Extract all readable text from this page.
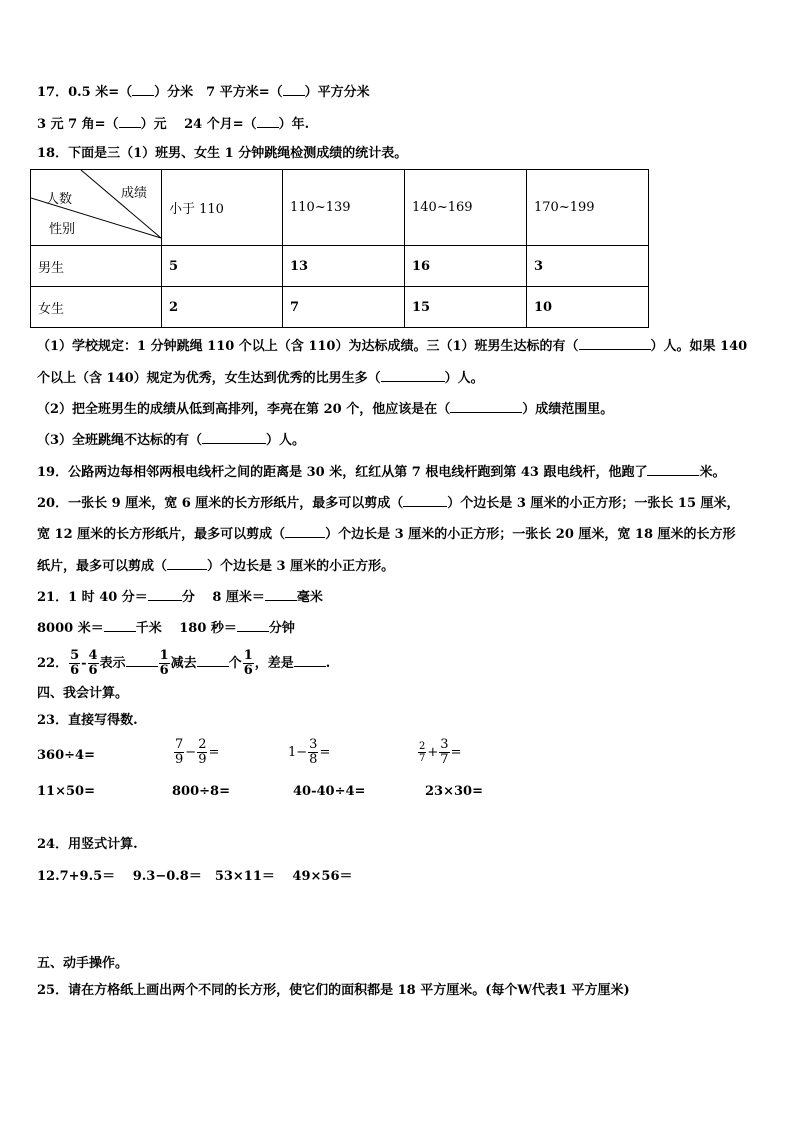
17．0.5 米=（ ）分米　7 平方米=（ ）平方分米
3 元 7 角=（ ）元　 24 个月=（ ）年.
18．下面是三（1）班男、女生 1 分钟跳绳检测成绩的统计表。
成绩
人数
性别	小于 110	110~139	140~169	170~199
男生	5	13	16	3
女生	2	7	15	10
（1）学校规定：1 分钟跳绳 110 个以上（含 110）为达标成绩。三（1）班男生达标的有（	）人。如果 140
个以上（含 140）规定为优秀，女生达到优秀的比男生多（	）人。
（2）把全班男生的成绩从低到高排列，李亮在第 20 个，他应该是在（	）成绩范围里。
（3）全班跳绳不达标的有（	）人。
19．公路两边每相邻两根电线杆之间的距离是 30 米，红红从第 7 根电线杆跑到第 43 跟电线杆，他跑了	米。
20．一张长 9 厘米，宽 6 厘米的长方形纸片，最多可以剪成（	）个边长是 3 厘米的小正方形；一张长 15 厘米，
宽 12 厘米的长方形纸片，最多可以剪成（	）个边长是 3 厘米的小正方形；一张长 20 厘米，宽 18 厘米的长方形
纸片，最多可以剪成（	）个边长是 3 厘米的小正方形。
21．1 时 40 分＝	分　 8 厘米＝ 毫米
8000 米＝ 千米　 180 秒＝ 分钟
22． $\frac{5}{6} - \frac{4}{6}$ 表示	$\frac{1}{6}$ 减去 个 $\frac{1}{6}$ ，差是 .
四、我会计算。
23．直接写得数.
360÷4=	$\frac{7}{9} - \frac{2}{9}$ =	$1- \frac{3}{8}$ =	$\frac{2}{7} + \frac{3}{7}$ =
11×50=	800÷8=	40-40÷4=	23×30=
24．用竖式计算.
12.7+9.5＝　 9.3−0.8＝　53×11＝　 49×56＝
五、动手操作。
25．请在方格纸上画出两个不同的长方形，使它们的面积都是 18 平方厘米。(每个W代表1 平方厘米)
